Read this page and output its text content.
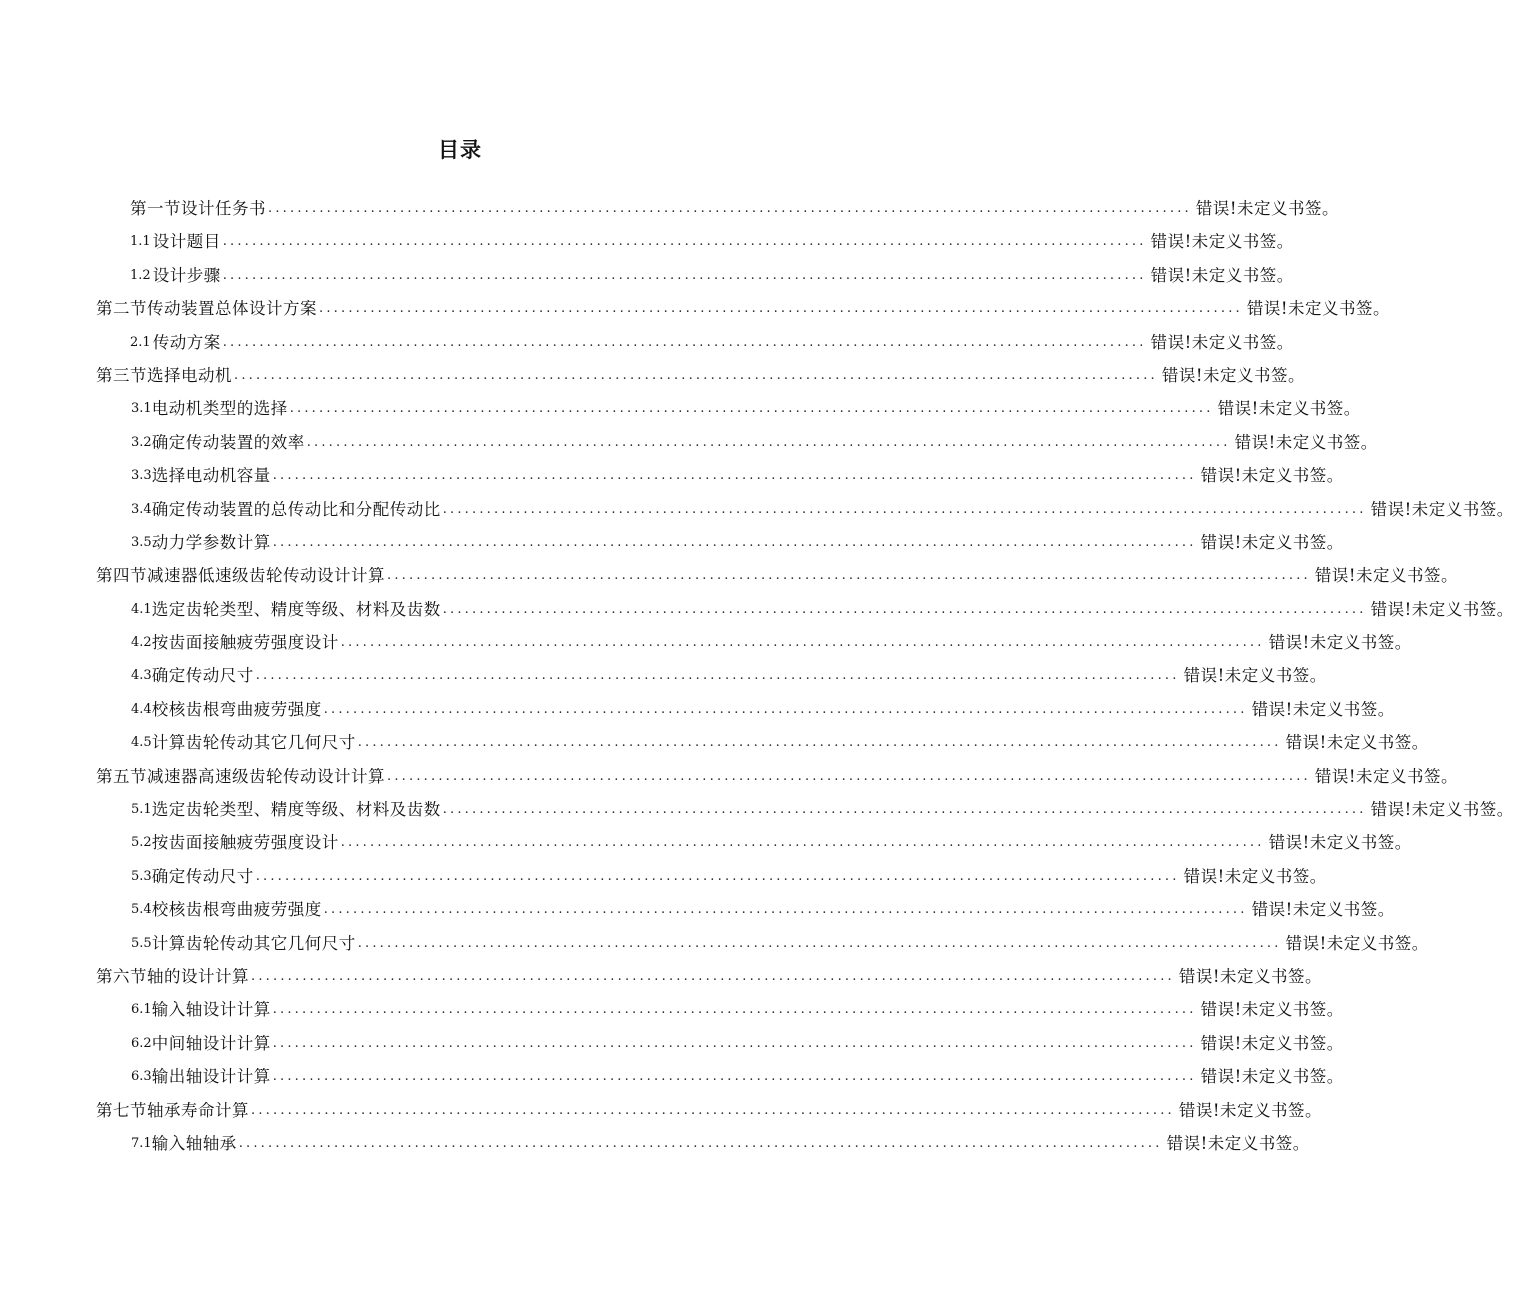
目录
第一节设计任务书 .............................................................................................................................. 错误!未定义书签。
1.1 设计题目 .............................................................................................................................. 错误!未定义书签。
1.2 设计步骤 .............................................................................................................................. 错误!未定义书签。
第二节传动装置总体设计方案 .............................................................................................................................. 错误!未定义书签。
2.1 传动方案 .............................................................................................................................. 错误!未定义书签。
第三节选择电动机 .............................................................................................................................. 错误!未定义书签。
3.1 电动机类型的选择 .............................................................................................................................. 错误!未定义书签。
3.2 确定传动装置的效率 .............................................................................................................................. 错误!未定义书签。
3.3 选择电动机容量 .............................................................................................................................. 错误!未定义书签。
3.4 确定传动装置的总传动比和分配传动比 .............................................................................................................................. 错误!未定义书签。
3.5 动力学参数计算 .............................................................................................................................. 错误!未定义书签。
第四节减速器低速级齿轮传动设计计算 .............................................................................................................................. 错误!未定义书签。
4.1 选定齿轮类型、精度等级、材料及齿数 .............................................................................................................................. 错误!未定义书签。
4.2 按齿面接触疲劳强度设计 .............................................................................................................................. 错误!未定义书签。
4.3 确定传动尺寸 .............................................................................................................................. 错误!未定义书签。
4.4 校核齿根弯曲疲劳强度 .............................................................................................................................. 错误!未定义书签。
4.5 计算齿轮传动其它几何尺寸 .............................................................................................................................. 错误!未定义书签。
第五节减速器高速级齿轮传动设计计算 .............................................................................................................................. 错误!未定义书签。
5.1 选定齿轮类型、精度等级、材料及齿数 .............................................................................................................................. 错误!未定义书签。
5.2 按齿面接触疲劳强度设计 .............................................................................................................................. 错误!未定义书签。
5.3 确定传动尺寸 .............................................................................................................................. 错误!未定义书签。
5.4 校核齿根弯曲疲劳强度 .............................................................................................................................. 错误!未定义书签。
5.5 计算齿轮传动其它几何尺寸 .............................................................................................................................. 错误!未定义书签。
第六节轴的设计计算 .............................................................................................................................. 错误!未定义书签。
6.1 输入轴设计计算 .............................................................................................................................. 错误!未定义书签。
6.2 中间轴设计计算 .............................................................................................................................. 错误!未定义书签。
6.3 输出轴设计计算 .............................................................................................................................. 错误!未定义书签。
第七节轴承寿命计算 .............................................................................................................................. 错误!未定义书签。
7.1 输入轴轴承 .............................................................................................................................. 错误!未定义书签。
